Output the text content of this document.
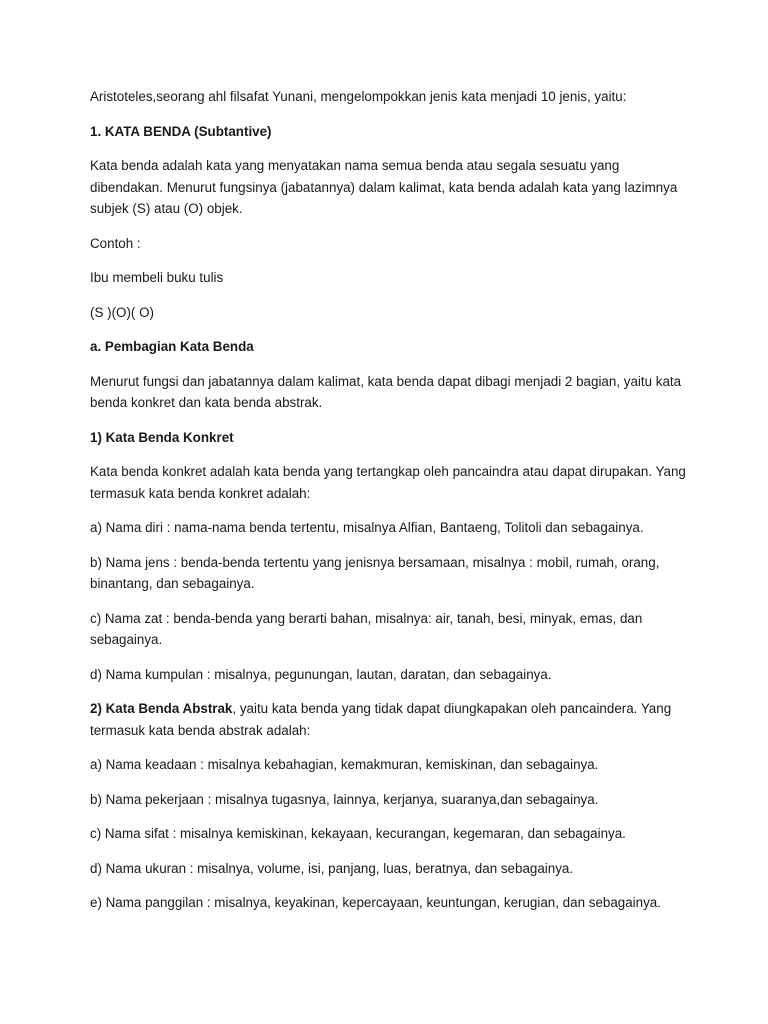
Aristoteles,seorang ahl filsafat Yunani, mengelompokkan jenis kata menjadi 10 jenis, yaitu:

1. KATA BENDA (Subtantive)

Kata benda adalah kata yang menyatakan nama semua benda atau segala sesuatu yang dibendakan. Menurut fungsinya (jabatannya) dalam kalimat, kata benda adalah kata yang lazimnya subjek (S) atau (O) objek.

Contoh :

Ibu membeli buku tulis

(S )(O)( O)

a. Pembagian Kata Benda

Menurut fungsi dan jabatannya dalam kalimat, kata benda dapat dibagi menjadi 2 bagian, yaitu kata benda konkret dan kata benda abstrak.

1) Kata Benda Konkret

Kata benda konkret adalah kata benda yang tertangkap oleh pancaindra atau dapat dirupakan. Yang termasuk kata benda konkret adalah:

a) Nama diri : nama-nama benda tertentu, misalnya Alfian, Bantaeng, Tolitoli dan sebagainya.

b) Nama jens : benda-benda tertentu yang jenisnya bersamaan, misalnya : mobil, rumah, orang, binantang, dan sebagainya.

c) Nama zat : benda-benda yang berarti bahan, misalnya: air, tanah, besi, minyak, emas, dan sebagainya.

d) Nama kumpulan : misalnya, pegunungan, lautan, daratan, dan sebagainya.

2) Kata Benda Abstrak, yaitu kata benda yang tidak dapat diungkapakan oleh pancaindera. Yang termasuk kata benda abstrak adalah:

a) Nama keadaan : misalnya kebahagian, kemakmuran, kemiskinan, dan sebagainya.

b) Nama pekerjaan : misalnya tugasnya, lainnya, kerjanya, suaranya,dan sebagainya.

c) Nama sifat : misalnya kemiskinan, kekayaan, kecurangan, kegemaran, dan sebagainya.

d) Nama ukuran : misalnya, volume, isi, panjang, luas, beratnya, dan sebagainya.

e) Nama panggilan : misalnya, keyakinan, kepercayaan, keuntungan, kerugian, dan sebagainya.
